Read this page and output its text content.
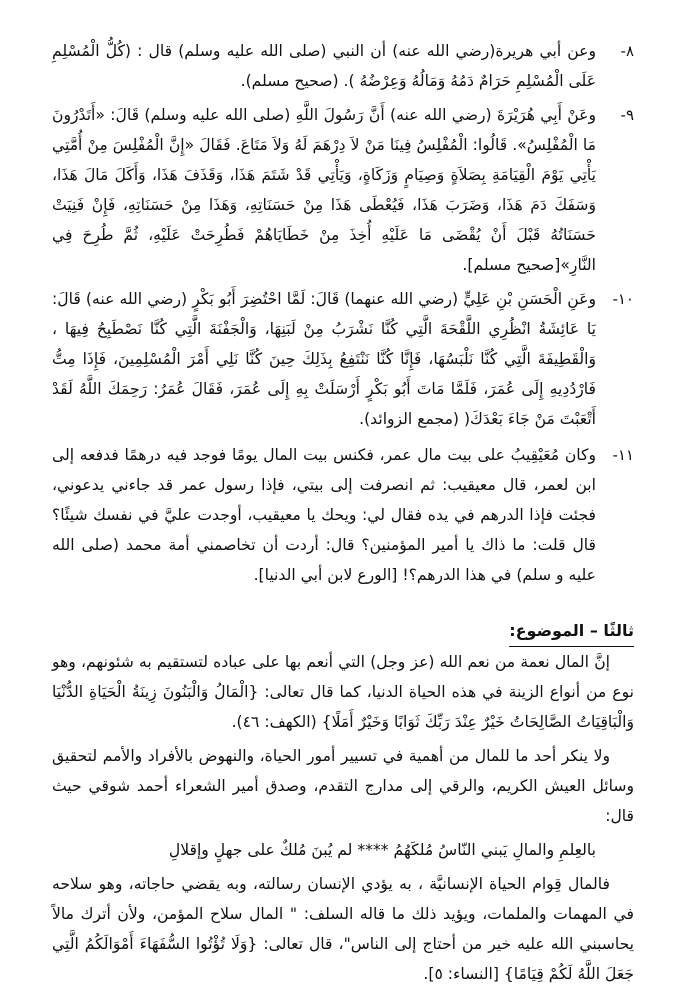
٨-
وعن أبي هريرة(رضي الله عنه) أن النبي (صلى الله عليه وسلم) قال : (كُلُّ الْمُسْلِمِ عَلَى الْمُسْلِمِ حَرَامٌ دَمُهُ وَمَالُهُ وَعِرْضُهُ ). (صحيح مسلم).
٩-
وعَنْ أَبِي هُرَيْرَةَ (رضي الله عنه) أَنَّ رَسُولَ اللَّهِ (صلى الله عليه وسلم) قَالَ: «أَتَدْرُونَ مَا الْمُفْلِسُ». قَالُوا: الْمُفْلِسُ فِينَا مَنْ لاَ دِرْهَمَ لَهُ وَلاَ مَتَاعَ. فَقَالَ «إِنَّ الْمُفْلِسَ مِنْ أُمَّتِي يَأْتِي يَوْمَ الْقِيَامَةِ بِصَلاَةٍ وَصِيَامٍ وَزَكَاةٍ، وَيَأْتِي قَدْ شَتَمَ هَذَا، وَقَذَفَ هَذَا، وَأَكَلَ مَالَ هَذَا، وَسَفَكَ دَمَ هَذَا، وَضَرَبَ هَذَا، فَيُعْطَى هَذَا مِنْ حَسَنَاتِهِ، وَهَذَا مِنْ حَسَنَاتِهِ، فَإِنْ فَنِيَتْ حَسَنَاتُهُ قَبْلَ أَنْ يُقْضَى مَا عَلَيْهِ أُخِذَ مِنْ خَطَايَاهُمْ فَطُرِحَتْ عَلَيْهِ، ثُمَّ طُرِحَ فِي النَّارِ»[صحيح مسلم].
١٠-
وعَنِ الْحَسَنِ بْنِ عَلِيٍّ (رضي الله عنهما) قَالَ: لَمَّا احْتُضِرَ أَبُو بَكْرٍ (رضي الله عنه) قَالَ: يَا عَائِشَةُ انْظُرِي اللَّقْحَةَ الَّتِي كُنَّا نَشْرَبُ مِنْ لَبَنِهَا، وَالْجَفْنَةَ الَّتِي كُنَّا نَصْطَبِحُ فِيهَا ، وَالْقَطِيفَةَ الَّتِي كُنَّا نَلْبَسُهَا، فَإِنَّا كُنَّا نَنْتَفِعُ بِذَلِكَ حِينَ كُنَّا نَلِي أَمْرَ الْمُسْلِمِينَ، فَإِذَا مِتُّ فَارْدُدِيهِ إِلَى عُمَرَ، فَلَمَّا مَاتَ أَبُو بَكْرٍ أَرْسَلَتْ بِهِ إِلَى عُمَرَ، فَقَالَ عُمَرُ: رَحِمَكَ اللَّهُ لَقَدْ أَتْعَبْتَ مَنْ جَاءَ بَعْدَكَ( (مجمع الزوائد).
١١-
وكان مُعَيْقِيبُ على بيت مال عمر، فكنس بيت المال يومًا فوجد فيه درهمًا فدفعه إلى ابن لعمر، قال معيقيب: ثم انصرفت إلى بيتي، فإذا رسول عمر قد جاءني يدعوني، فجئت فإذا الدرهم في يده فقال لي: ويحك يا معيقيب، أوجدت عليَّ في نفسك شيئًا؟ قال قلت: ما ذاك يا أمير المؤمنين؟ قال: أردت أن تخاصمني أمة محمد (صلى الله عليه و سلم) في هذا الدرهم؟! [الورع لابن أبي الدنيا].
ثالثًا – الموضوع:

إنَّ المال نعمة من نعم الله (عز وجل) التي أنعم بها على عباده لتستقيم به شئونهم، وهو نوع من أنواع الزينة في هذه الحياة الدنيا، كما قال تعالى: {الْمَالُ وَالْبَنُونَ زِينَةُ الْحَيَاةِ الدُّنْيَا وَالْبَاقِيَاتُ الصَّالِحَاتُ خَيْرٌ عِنْدَ رَبِّكَ ثَوَابًا وَخَيْرٌ أَمَلًا} (الكهف: ٤٦).

ولا ينكر أحد ما للمال من أهمية في تسيير أمور الحياة، والنهوض بالأفراد والأمم لتحقيق وسائل العيش الكريم، والرقي إلى مدارج التقدم، وصدق أمير الشعراء أحمد شوقي حيث قال:

بالعِلمِ والمالِ يَبني النّاسُ مُلكَهُمُ **** لم يُبنَ مُلكٌ على جهلٍ وإقلالِ

فالمال قِوام الحياة الإنسانيَّة ، به يؤدي الإنسان رسالته، وبه يقضي حاجاته، وهو سلاحه في المهمات والملمات، ويؤيد ذلك ما قاله السلف: " المال سلاح المؤمن، ولأن أترك مالاً يحاسبني الله عليه خير من أحتاج إلى الناس"، قال تعالى: {وَلَا تُؤْتُوا السُّفَهَاءَ أَمْوَالَكُمُ الَّتِي جَعَلَ اللَّهُ لَكُمْ قِيَامًا} [النساء: ٥].
